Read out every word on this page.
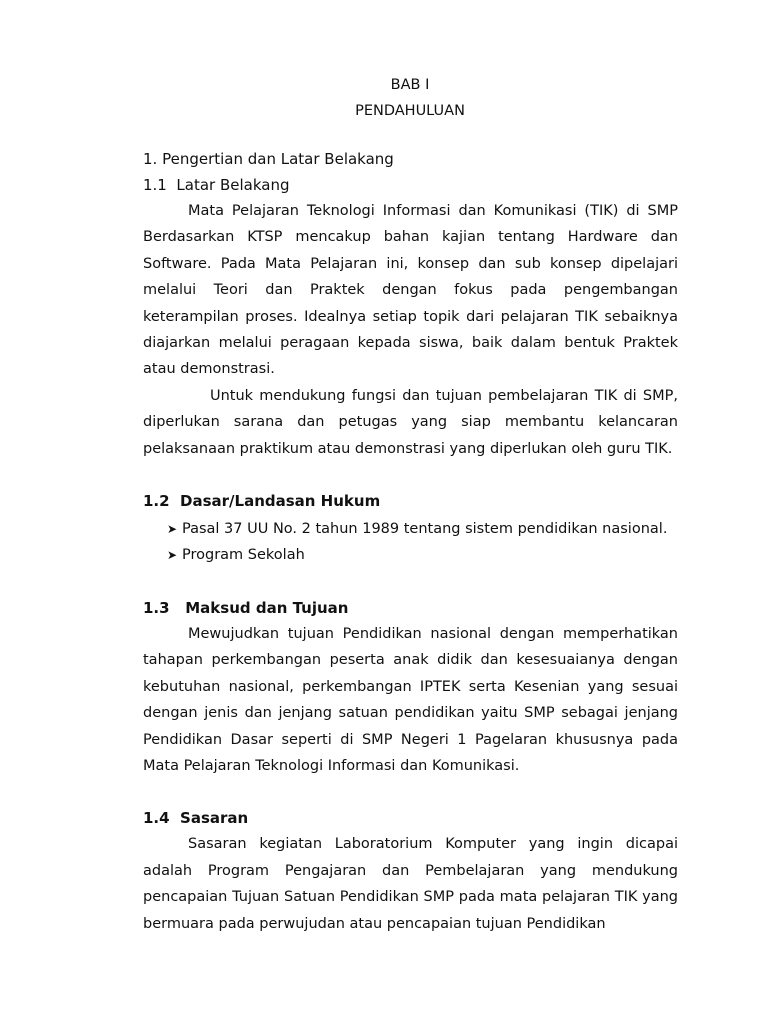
BAB I
PENDAHULUAN
1. Pengertian dan Latar Belakang
1.1  Latar Belakang

Mata Pelajaran Teknologi Informasi dan Komunikasi (TIK) di SMP Berdasarkan KTSP mencakup bahan kajian tentang Hardware dan Software. Pada Mata Pelajaran ini, konsep dan sub konsep dipelajari melalui Teori dan Praktek dengan fokus pada pengembangan keterampilan proses. Idealnya setiap topik dari pelajaran TIK sebaiknya diajarkan melalui peragaan kepada siswa, baik dalam bentuk Praktek atau demonstrasi.

Untuk mendukung fungsi dan tujuan pembelajaran TIK di SMP, diperlukan sarana dan petugas yang siap membantu kelancaran pelaksanaan praktikum atau demonstrasi yang diperlukan oleh guru TIK.

1.2  Dasar/Landasan Hukum
➤ Pasal 37 UU No. 2 tahun 1989 tentang sistem pendidikan nasional.
➤ Program Sekolah
1.3   Maksud dan Tujuan

Mewujudkan tujuan Pendidikan nasional dengan memperhatikan tahapan perkembangan peserta anak didik dan kesesuaianya dengan kebutuhan nasional, perkembangan IPTEK serta Kesenian yang sesuai dengan jenis dan jenjang satuan pendidikan yaitu SMP sebagai jenjang Pendidikan Dasar seperti di SMP Negeri 1 Pagelaran khususnya pada Mata Pelajaran Teknologi Informasi dan Komunikasi.

1.4  Sasaran

Sasaran kegiatan Laboratorium Komputer yang ingin dicapai adalah Program Pengajaran dan Pembelajaran yang mendukung pencapaian Tujuan Satuan Pendidikan SMP pada mata pelajaran TIK yang bermuara pada perwujudan atau pencapaian tujuan Pendidikan
